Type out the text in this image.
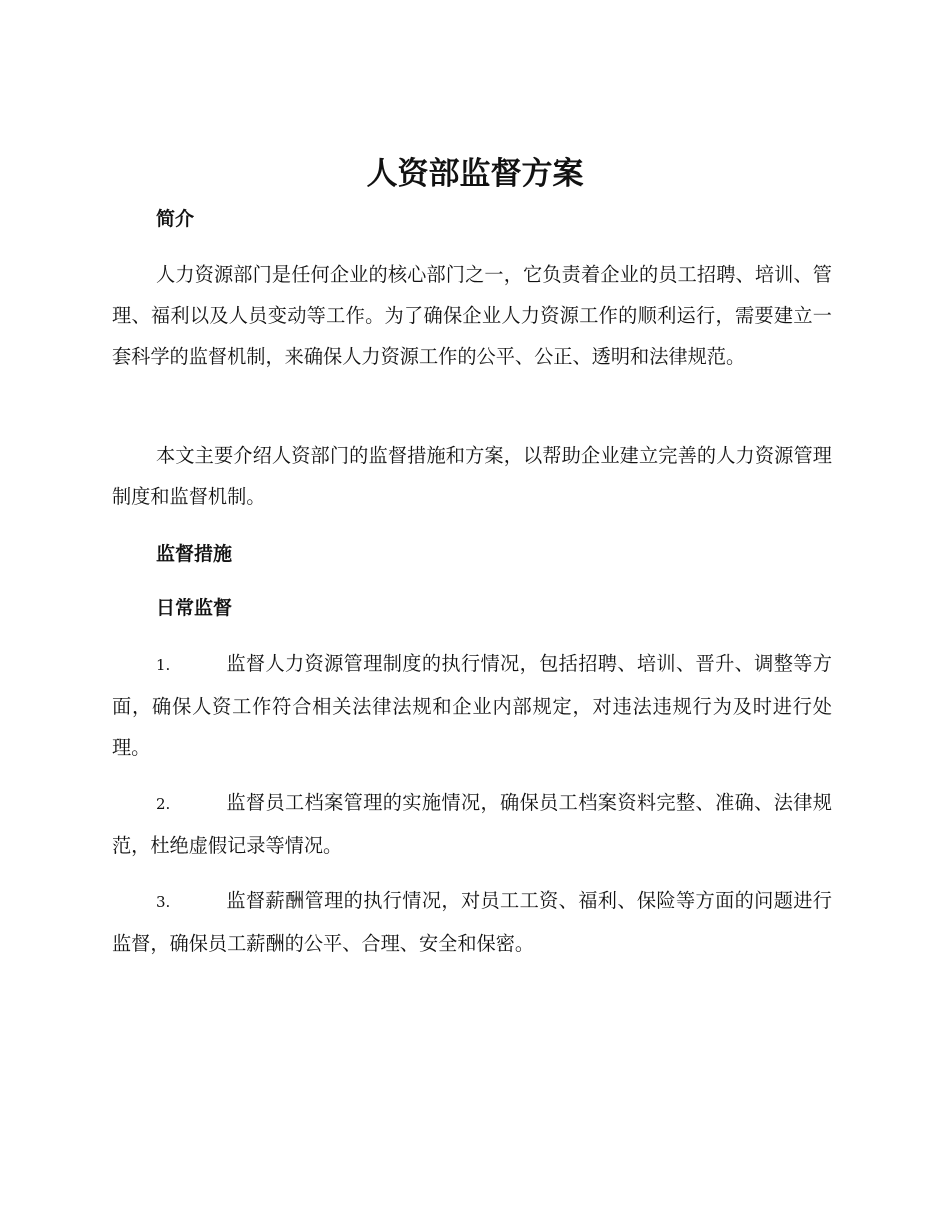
人资部监督方案
简介

人力资源部门是任何企业的核心部门之一，它负责着企业的员工招聘、培训、管理、福利以及人员变动等工作。为了确保企业人力资源工作的顺利运行，需要建立一套科学的监督机制，来确保人力资源工作的公平、公正、透明和法律规范。

本文主要介绍人资部门的监督措施和方案，以帮助企业建立完善的人力资源管理制度和监督机制。

监督措施
日常监督

1.	监督人力资源管理制度的执行情况，包括招聘、培训、晋升、调整等方面，确保人资工作符合相关法律法规和企业内部规定，对违法违规行为及时进行处理。

2.	监督员工档案管理的实施情况，确保员工档案资料完整、准确、法律规范，杜绝虚假记录等情况。

3.	监督薪酬管理的执行情况，对员工工资、福利、保险等方面的问题进行监督，确保员工薪酬的公平、合理、安全和保密。
